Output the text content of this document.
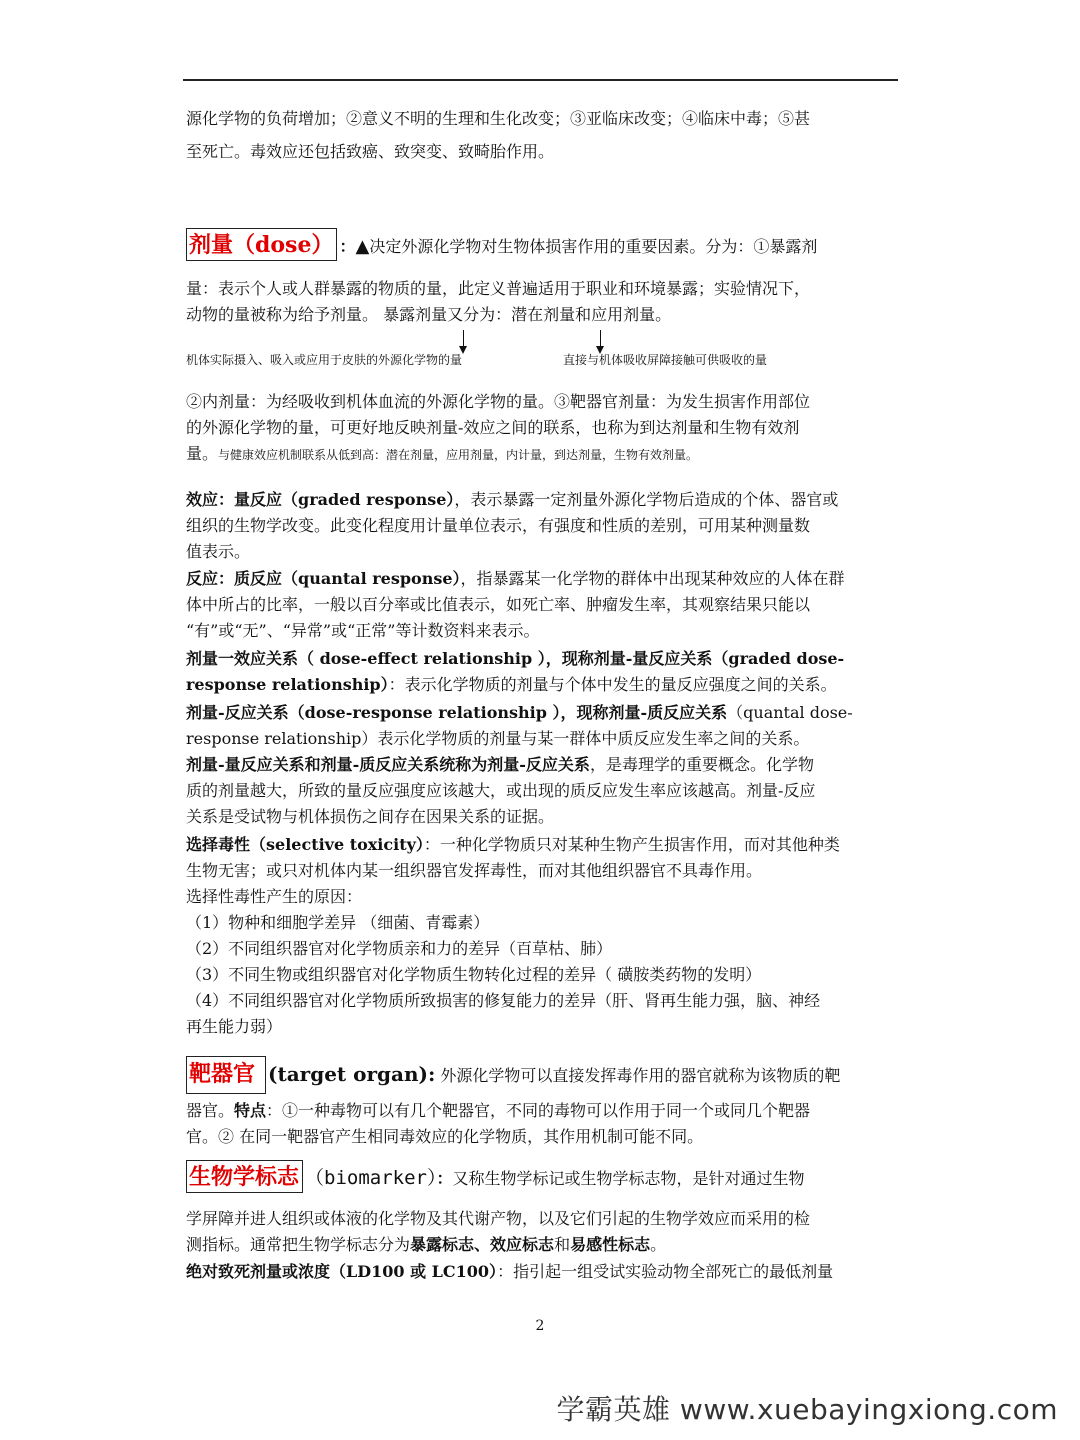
源化学物的负荷增加；②意义不明的生理和生化改变；③亚临床改变；④临床中毒；⑤甚
至死亡。毒效应还包括致癌、致突变、致畸胎作用。
剂量（dose） ：▲决定外源化学物对生物体损害作用的重要因素。分为：①暴露剂
量：表示个人或人群暴露的物质的量，此定义普遍适用于职业和环境暴露；实验情况下，
动物的量被称为给予剂量。 暴露剂量又分为：潜在剂量和应用剂量。
机体实际摄入、吸入或应用于皮肤的外源化学物的量	直接与机体吸收屏障接触可供吸收的量
②内剂量：为经吸收到机体血流的外源化学物的量。③靶器官剂量：为发生损害作用部位
的外源化学物的量，可更好地反映剂量-效应之间的联系，也称为到达剂量和生物有效剂
量。与健康效应机制联系从低到高：潜在剂量，应用剂量，内计量，到达剂量，生物有效剂量。
效应：量反应（graded response），表示暴露一定剂量外源化学物后造成的个体、器官或
组织的生物学改变。此变化程度用计量单位表示，有强度和性质的差别，可用某种测量数
值表示。
反应：质反应（quantal response），指暴露某一化学物的群体中出现某种效应的人体在群
体中所占的比率，一般以百分率或比值表示，如死亡率、肿瘤发生率，其观察结果只能以
“有”或“无”、“异常”或“正常”等计数资料来表示。
剂量一效应关系（ dose-effect relationship ），现称剂量-量反应关系（graded dose-
response relationship）：表示化学物质的剂量与个体中发生的量反应强度之间的关系。
剂量-反应关系（dose-response relationship ），现称剂量-质反应关系（quantal dose-
response relationship）表示化学物质的剂量与某一群体中质反应发生率之间的关系。
剂量-量反应关系和剂量-质反应关系统称为剂量-反应关系，是毒理学的重要概念。化学物
质的剂量越大，所致的量反应强度应该越大，或出现的质反应发生率应该越高。剂量-反应
关系是受试物与机体损伤之间存在因果关系的证据。
选择毒性（selective toxicity）：一种化学物质只对某种生物产生损害作用，而对其他种类
生物无害；或只对机体内某一组织器官发挥毒性，而对其他组织器官不具毒作用。
选择性毒性产生的原因：
（1）物种和细胞学差异 （细菌、青霉素）
（2）不同组织器官对化学物质亲和力的差异（百草枯、肺）
（3）不同生物或组织器官对化学物质生物转化过程的差异（ 磺胺类药物的发明）
（4）不同组织器官对化学物质所致损害的修复能力的差异（肝、肾再生能力强，脑、神经
再生能力弱）
靶器官 (target organ): 外源化学物可以直接发挥毒作用的器官就称为该物质的靶
器官。特点：①一种毒物可以有几个靶器官，不同的毒物可以作用于同一个或同几个靶器
官。② 在同一靶器官产生相同毒效应的化学物质，其作用机制可能不同。
生物学标志 （biomarker）：又称生物学标记或生物学标志物，是针对通过生物
学屏障并进人组织或体液的化学物及其代谢产物，以及它们引起的生物学效应而采用的检
测指标。通常把生物学标志分为暴露标志、效应标志和易感性标志。
绝对致死剂量或浓度（LD100 或 LC100）：指引起一组受试实验动物全部死亡的最低剂量
2
学霸英雄 www.xuebayingxiong.com
